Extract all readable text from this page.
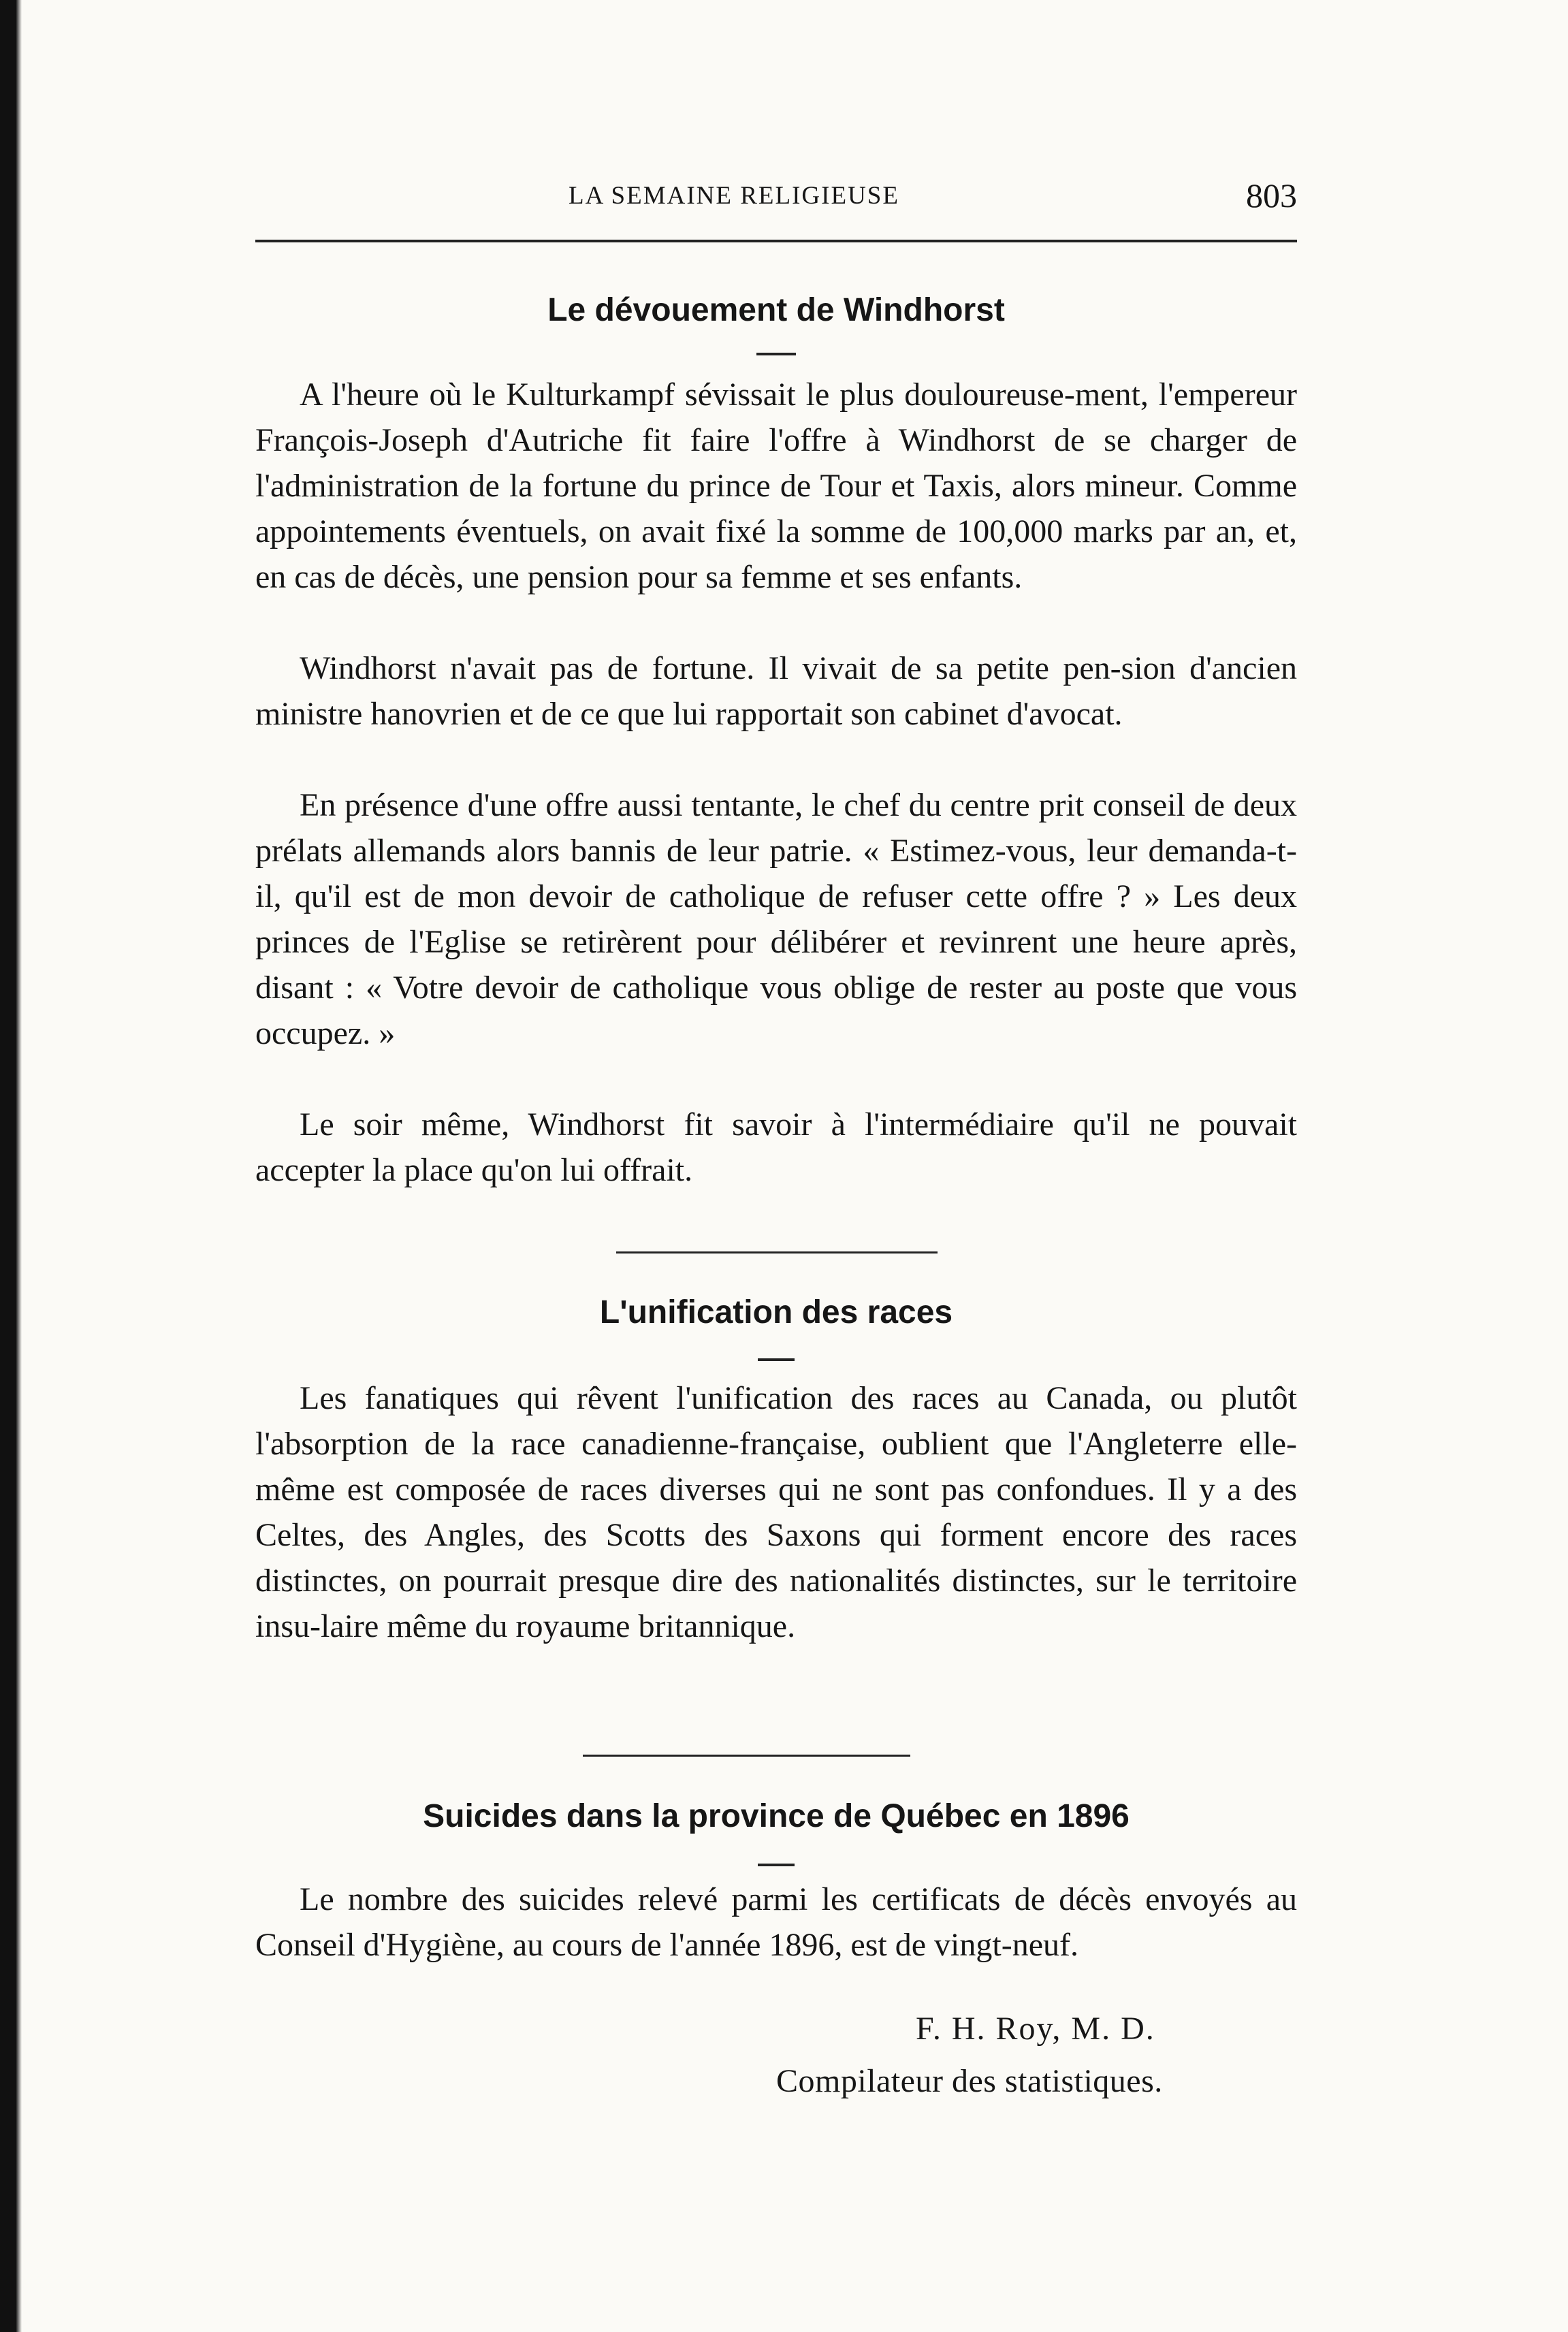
LA SEMAINE RELIGIEUSE	803
Le dévouement de Windhorst

A l'heure où le Kulturkampf sévissait le plus douloureuse-ment, l'empereur François-Joseph d'Autriche fit faire l'offre à Windhorst de se charger de l'administration de la fortune du prince de Tour et Taxis, alors mineur. Comme appointements éventuels, on avait fixé la somme de 100,000 marks par an, et, en cas de décès, une pension pour sa femme et ses enfants.

Windhorst n'avait pas de fortune. Il vivait de sa petite pen-sion d'ancien ministre hanovrien et de ce que lui rapportait son cabinet d'avocat.

En présence d'une offre aussi tentante, le chef du centre prit conseil de deux prélats allemands alors bannis de leur patrie. « Estimez-vous, leur demanda-t-il, qu'il est de mon devoir de catholique de refuser cette offre ? » Les deux princes de l'Eglise se retirèrent pour délibérer et revinrent une heure après, disant : « Votre devoir de catholique vous oblige de rester au poste que vous occupez. »

Le soir même, Windhorst fit savoir à l'intermédiaire qu'il ne pouvait accepter la place qu'on lui offrait.

L'unification des races

Les fanatiques qui rêvent l'unification des races au Canada, ou plutôt l'absorption de la race canadienne-française, oublient que l'Angleterre elle-même est composée de races diverses qui ne sont pas confondues. Il y a des Celtes, des Angles, des Scotts des Saxons qui forment encore des races distinctes, on pourrait presque dire des nationalités distinctes, sur le territoire insu-laire même du royaume britannique.

Suicides dans la province de Québec en 1896

Le nombre des suicides relevé parmi les certificats de décès envoyés au Conseil d'Hygiène, au cours de l'année 1896, est de vingt-neuf.

F. H. Roy, M. D.
Compilateur des statistiques.
